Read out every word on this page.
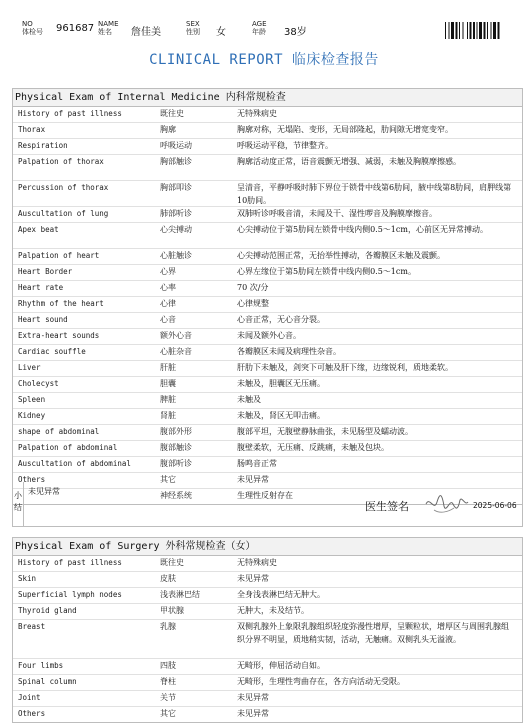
NO
体检号 961687 NAME
姓名	詹佳美
SEX
性别 女
AGE
年龄 38岁
CLINICAL REPORT 临床检查报告
Physical Exam of Internal Medicine 内科常规检查
History of past illness	既往史	无特殊病史
Thorax	胸廓	胸廓对称，无塌陷、变形，无局部隆起，肋间隙无增宽变窄。
Respiration	呼吸运动	呼吸运动平稳，节律整齐。
Palpation of thorax	胸部触诊	胸廓活动度正常，语音震颤无增强、减弱，未触及胸膜摩擦感。
Percussion of thorax	胸部叩诊	呈清音，平静呼吸时肺下界位于锁骨中线第6肋间，腋中线第8肋间，肩胛线第10肋间。
Auscultation of lung	肺部听诊	双肺听诊呼吸音清，未闻及干、湿性啰音及胸膜摩擦音。
Apex beat	心尖搏动	心尖搏动位于第5肋间左锁骨中线内侧0.5～1cm，心前区无异常搏动。
Palpation of heart	心脏触诊	心尖搏动范围正常，无抬举性搏动，各瓣膜区未触及震颤。
Heart Border	心界	心界左缘位于第5肋间左锁骨中线内侧0.5～1cm。
Heart rate	心率	70 次/分
Rhythm of the heart	心律	心律规整
Heart sound	心音	心音正常，无心音分裂。
Extra-heart sounds	额外心音	未闻及额外心音。
Cardiac souffle	心脏杂音	各瓣膜区未闻及病理性杂音。
Liver	肝脏	肝肋下未触及，剑突下可触及肝下缘，边缘锐利，质地柔软。
Cholecyst	胆囊	未触及，胆囊区无压痛。
Spleen	脾脏	未触及
Kidney	肾脏	未触及，肾区无叩击痛。
shape of abdominal	腹部外形	腹部平坦，无腹壁静脉曲张，未见肠型及蠕动波。
Palpation of abdominal	腹部触诊	腹壁柔软，无压痛、反跳痛，未触及包块。
Auscultation of abdominal	腹部听诊	肠鸣音正常
Others	其它	未见异常
神经系统	生理性反射存在
小结
未见异常
医生签名	2025-06-06
Physical Exam of Surgery 外科常规检查（女）
History of past illness	既往史	无特殊病史
Skin	皮肤	未见异常
Superficial lymph nodes	浅表淋巴结	全身浅表淋巴结无肿大。
Thyroid gland	甲状腺	无肿大，未及结节。
Breast	乳腺	双侧乳腺外上象限乳腺组织轻度弥漫性增厚，呈颗粒状，增厚区与周围乳腺组织分界不明显，质地稍实韧，活动，无触痛。双侧乳头无溢液。
Four limbs	四肢	无畸形，伸屈活动自如。
Spinal column	脊柱	无畸形，生理性弯曲存在，各方向活动无受限。
Joint	关节	未见异常
Others	其它	未见异常
